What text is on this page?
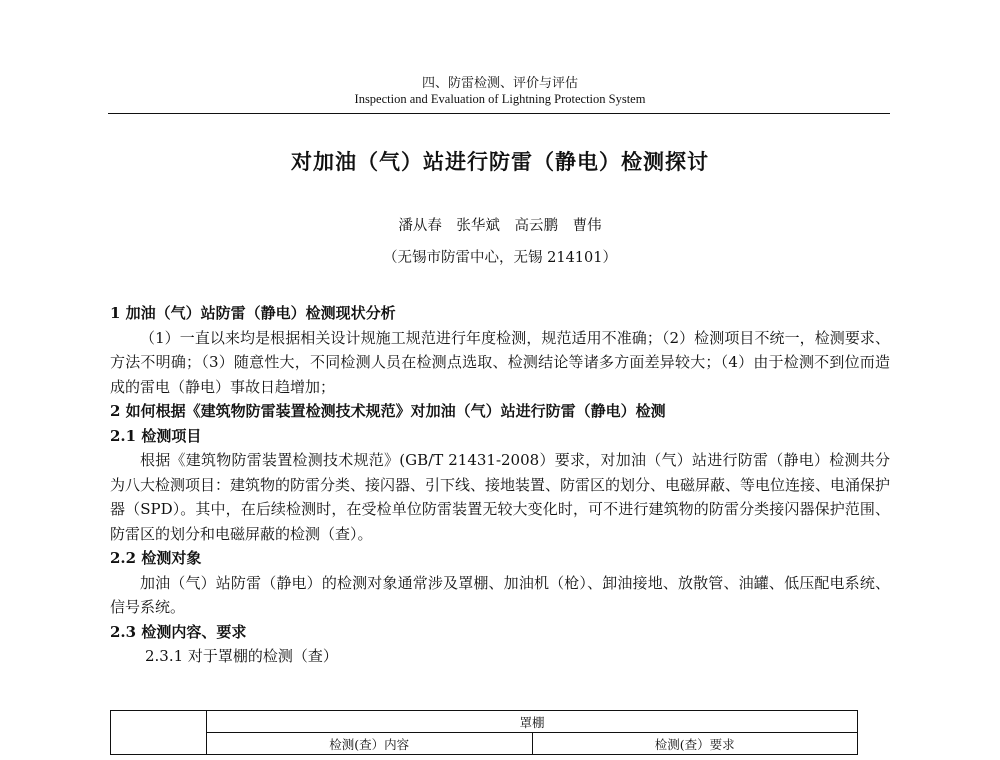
四、防雷检测、评价与评估
Inspection and Evaluation of Lightning Protection System
对加油（气）站进行防雷（静电）检测探讨
潘从春 张华斌 高云鹏 曹伟
（无锡市防雷中心，无锡 214101）

1 加油（气）站防雷（静电）检测现状分析

（1）一直以来均是根据相关设计规施工规范进行年度检测，规范适用不准确；（2）检测项目不统一，检测要求、方法不明确；（3）随意性大，不同检测人员在检测点选取、检测结论等诸多方面差异较大；（4）由于检测不到位而造成的雷电（静电）事故日趋增加；

2 如何根据《建筑物防雷装置检测技术规范》对加油（气）站进行防雷（静电）检测

2.1 检测项目

根据《建筑物防雷装置检测技术规范》(GB/T 21431-2008）要求，对加油（气）站进行防雷（静电）检测共分为八大检测项目：建筑物的防雷分类、接闪器、引下线、接地装置、防雷区的划分、电磁屏蔽、等电位连接、电涌保护器（SPD）。其中，在后续检测时，在受检单位防雷装置无较大变化时，可不进行建筑物的防雷分类接闪器保护范围、防雷区的划分和电磁屏蔽的检测（查）。

2.2 检测对象

加油（气）站防雷（静电）的检测对象通常涉及罩棚、加油机（枪）、卸油接地、放散管、油罐、低压配电系统、信号系统。

2.3 检测内容、要求

2.3.1 对于罩棚的检测（查）

	罩棚	
	检测(查）内容	检测(查）要求
